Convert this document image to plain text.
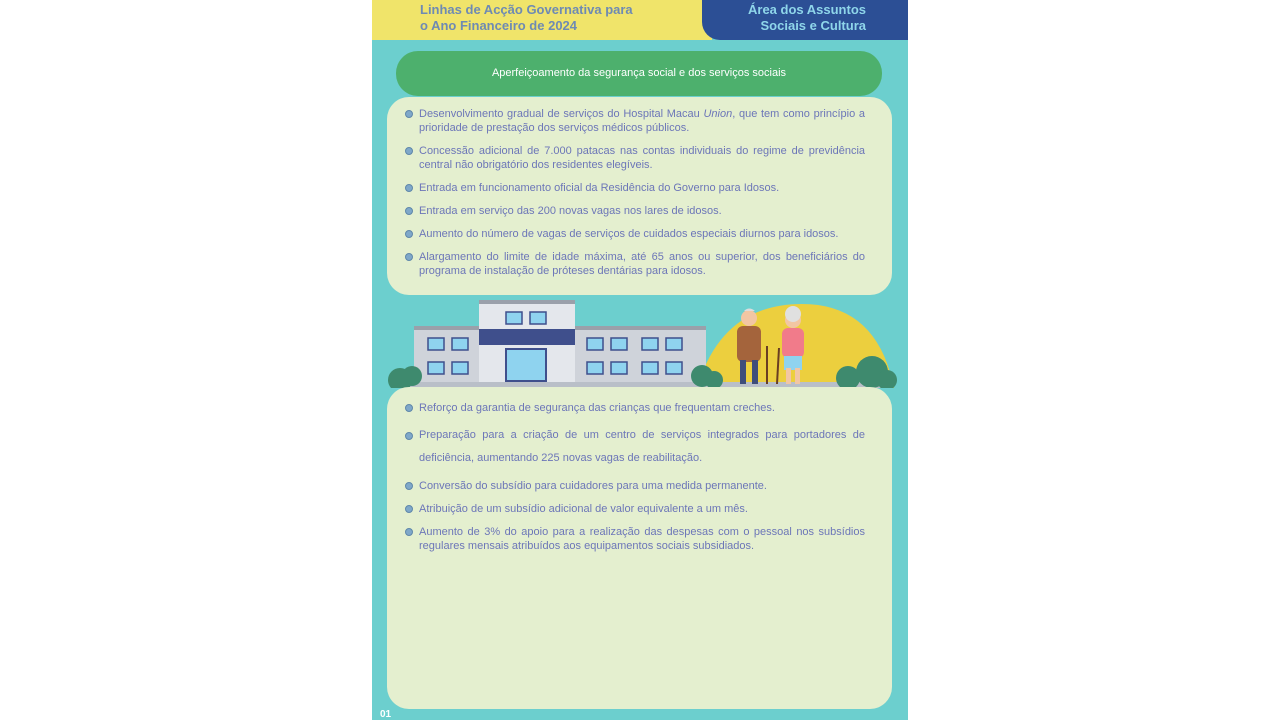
Linhas de Acção Governativa para
o Ano Financeiro de 2024
Área dos Assuntos
Sociais e Cultura
Aperfeiçoamento da segurança social e dos serviços sociais
Desenvolvimento gradual de serviços do Hospital Macau Union, que tem como princípio a prioridade de prestação dos serviços médicos públicos.
Concessão adicional de 7.000 patacas nas contas individuais do regime de previdência central não obrigatório dos residentes elegíveis.
Entrada em funcionamento oficial da Residência do Governo para Idosos.
Entrada em serviço das 200 novas vagas nos lares de idosos.
Aumento do número de vagas de serviços de cuidados especiais diurnos para idosos.
Alargamento do limite de idade máxima, até 65 anos ou superior, dos beneficiários do programa de instalação de próteses dentárias para idosos.
Reforço da garantia de segurança das crianças que frequentam creches.
Preparação para a criação de um centro de serviços integrados para portadores de deficiência, aumentando 225 novas vagas de reabilitação.
Conversão do subsídio para cuidadores para uma medida permanente.
Atribuição de um subsídio adicional de valor equivalente a um mês.
Aumento de 3% do apoio para a realização das despesas com o pessoal nos subsídios regulares mensais atribuídos aos equipamentos sociais subsidiados.
01
